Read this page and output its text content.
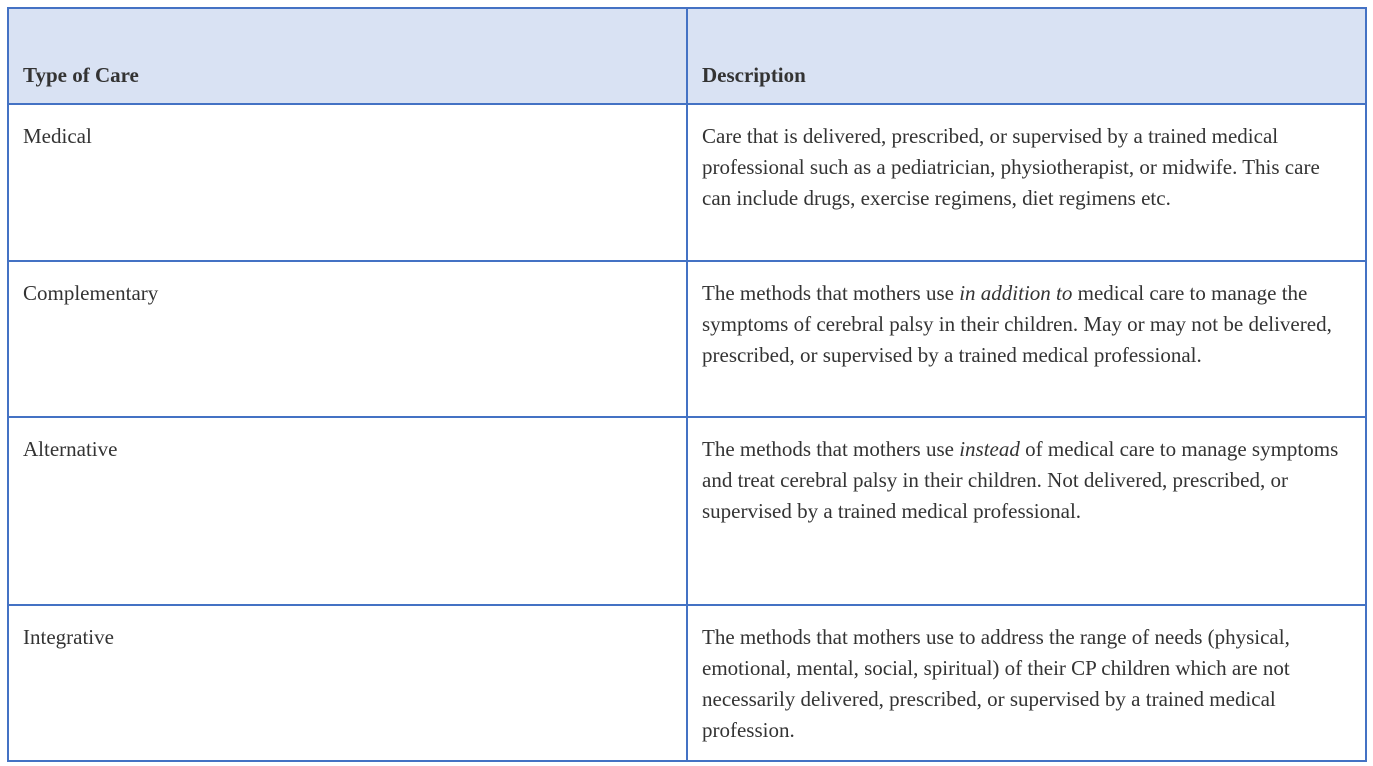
Type of Care	Description

Medical	Care that is delivered, prescribed, or supervised by a trained medical professional such as a pediatrician, physiotherapist, or midwife. This care can include drugs, exercise regimens, diet regimens etc.

Complementary	The methods that mothers use in addition to medical care to manage the symptoms of cerebral palsy in their children. May or may not be delivered, prescribed, or supervised by a trained medical professional.

Alternative	The methods that mothers use instead of medical care to manage symptoms and treat cerebral palsy in their children. Not delivered, prescribed, or supervised by a trained medical professional.

Integrative	The methods that mothers use to address the range of needs (physical, emotional, mental, social, spiritual) of their CP children which are not necessarily delivered, prescribed, or supervised by a trained medical profession.
